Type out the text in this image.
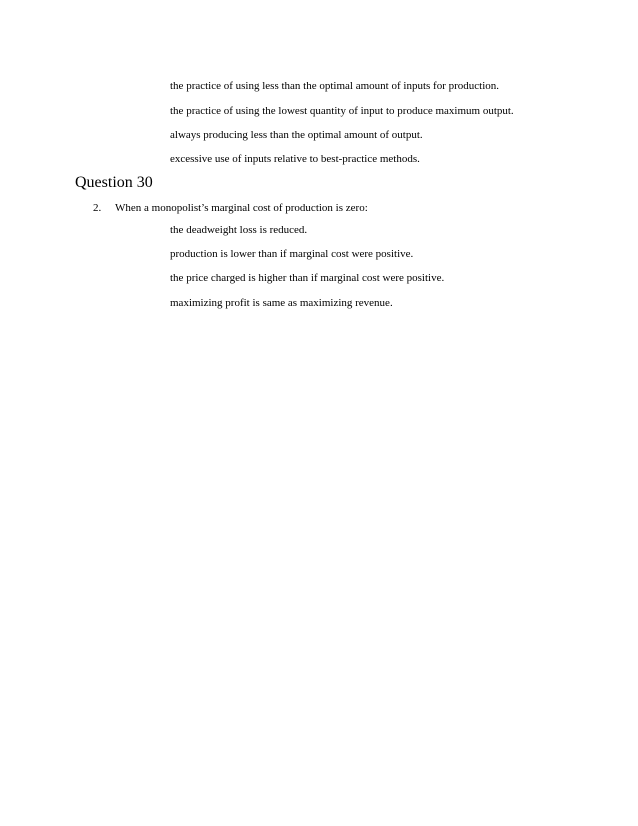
the practice of using less than the optimal amount of inputs for production.
the practice of using the lowest quantity of input to produce maximum output.
always producing less than the optimal amount of output.
excessive use of inputs relative to best-practice methods.
Question 30
2. When a monopolist’s marginal cost of production is zero:
the deadweight loss is reduced.
production is lower than if marginal cost were positive.
the price charged is higher than if marginal cost were positive.
maximizing profit is same as maximizing revenue.
